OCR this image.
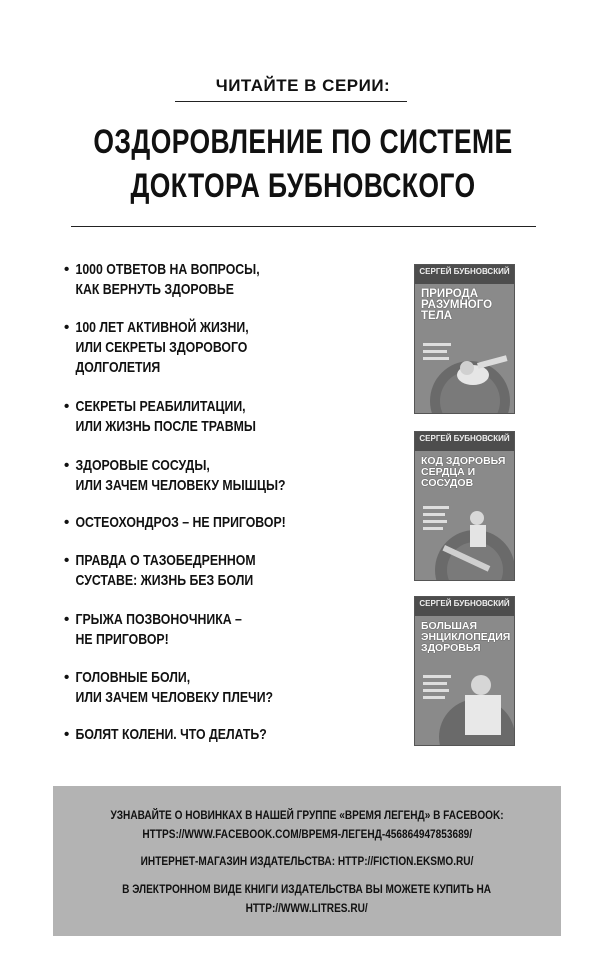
ЧИТАЙТЕ В СЕРИИ:
ОЗДОРОВЛЕНИЕ ПО СИСТЕМЕ
ДОКТОРА БУБНОВСКОГО
• 1000 ОТВЕТОВ НА ВОПРОСЫ,
КАК ВЕРНУТЬ ЗДОРОВЬЕ
• 100 ЛЕТ АКТИВНОЙ ЖИЗНИ,
ИЛИ СЕКРЕТЫ ЗДОРОВОГО
ДОЛГОЛЕТИЯ
• СЕКРЕТЫ РЕАБИЛИТАЦИИ,
ИЛИ ЖИЗНЬ ПОСЛЕ ТРАВМЫ
• ЗДОРОВЫЕ СОСУДЫ,
ИЛИ ЗАЧЕМ ЧЕЛОВЕКУ МЫШЦЫ?
• ОСТЕОХОНДРОЗ – НЕ ПРИГОВОР!
• ПРАВДА О ТАЗОБЕДРЕННОМ
СУСТАВЕ: ЖИЗНЬ БЕЗ БОЛИ
• ГРЫЖА ПОЗВОНОЧНИКА –
НЕ ПРИГОВОР!
• ГОЛОВНЫЕ БОЛИ,
ИЛИ ЗАЧЕМ ЧЕЛОВЕКУ ПЛЕЧИ?
• БОЛЯТ КОЛЕНИ. ЧТО ДЕЛАТЬ?
СЕРГЕЙ БУБНОВСКИЙ
ПРИРОДА
РАЗУМНОГО
ТЕЛА
СЕРГЕЙ БУБНОВСКИЙ
КОД ЗДОРОВЬЯ
СЕРДЦА И
СОСУДОВ
СЕРГЕЙ БУБНОВСКИЙ
БОЛЬШАЯ
ЭНЦИКЛОПЕДИЯ
ЗДОРОВЬЯ
УЗНАВАЙТЕ О НОВИНКАХ В НАШЕЙ ГРУППЕ «ВРЕМЯ ЛЕГЕНД» В FACEBOOK:
HTTPS://WWW.FACEBOOK.COM/ВРЕМЯ-ЛЕГЕНД-456864947853689/
ИНТЕРНЕТ-МАГАЗИН ИЗДАТЕЛЬСТВА: HTTP://FICTION.EKSMO.RU/
В ЭЛЕКТРОННОМ ВИДЕ КНИГИ ИЗДАТЕЛЬСТВА ВЫ МОЖЕТЕ КУПИТЬ НА
HTTP://WWW.LITRES.RU/
